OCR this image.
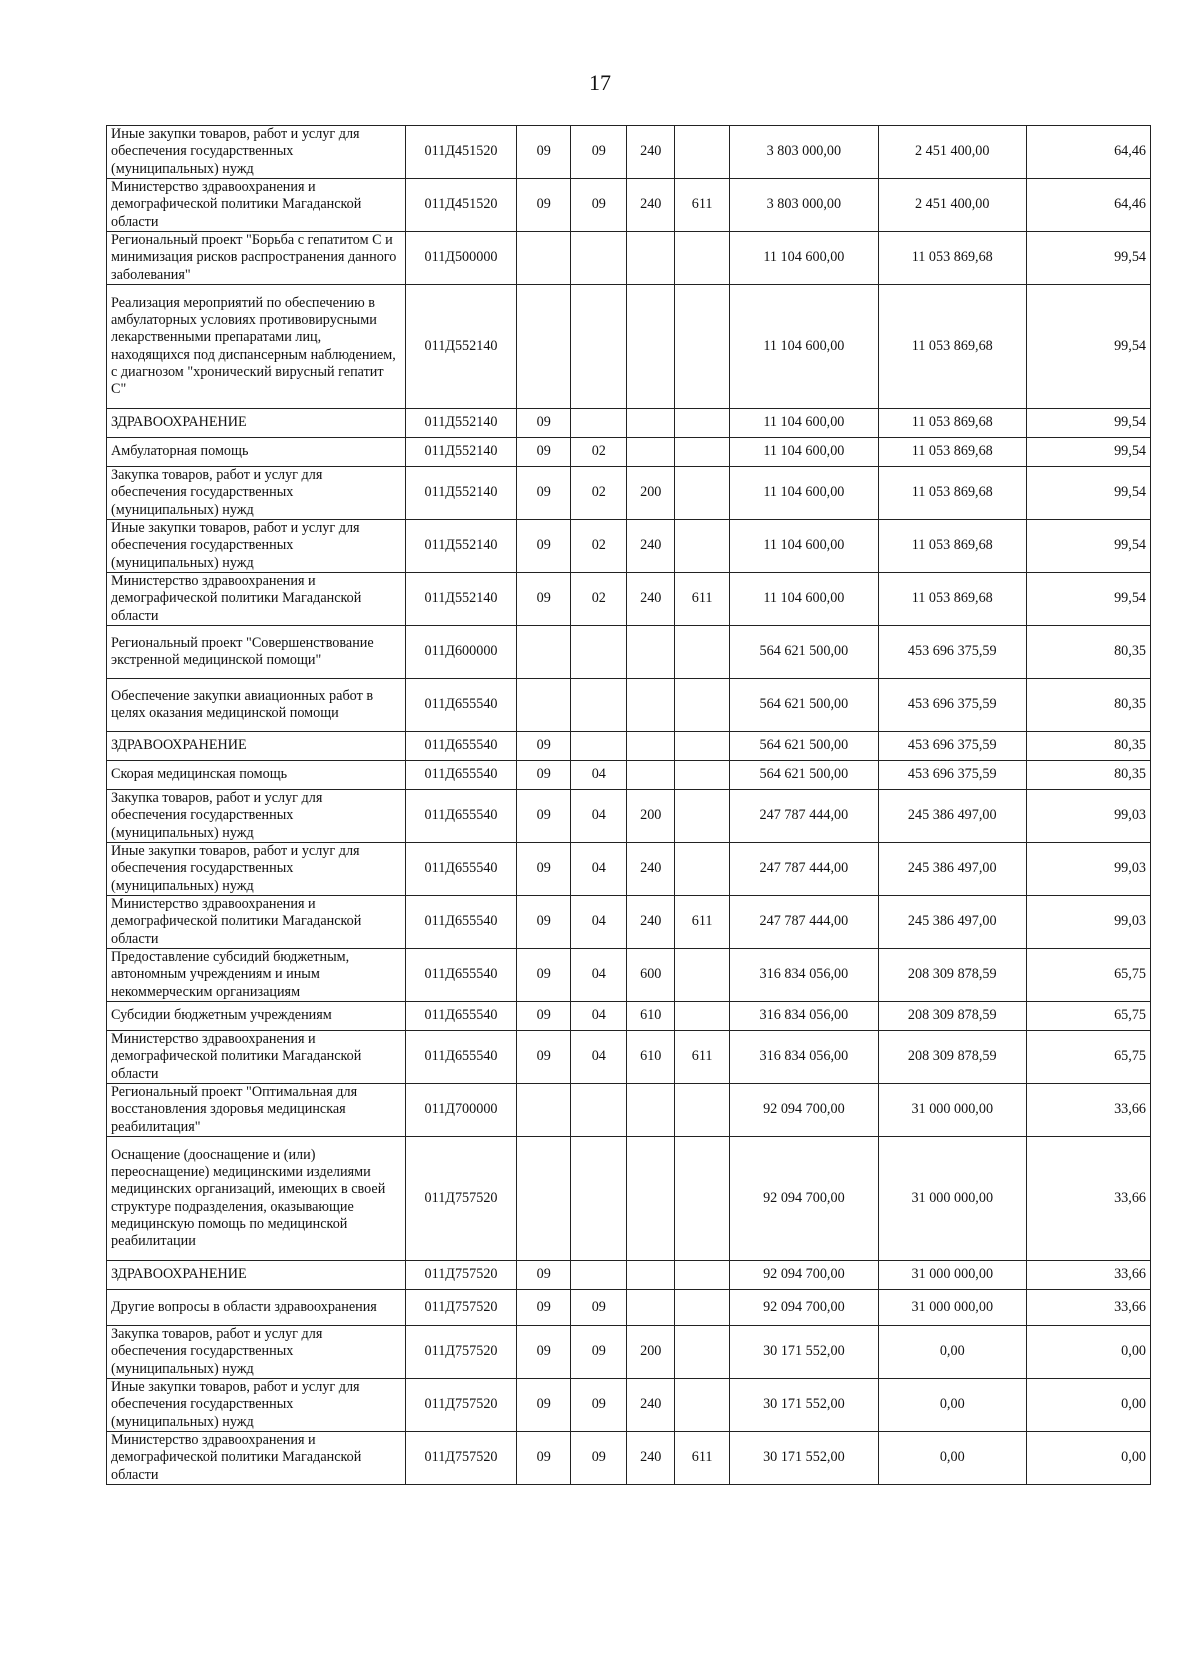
17
Иные закупки товаров, работ и услуг для обеспечения государственных (муниципальных) нужд	011Д451520	09	09	240		3 803 000,00	2 451 400,00	64,46
Министерство здравоохранения и демографической политики Магаданской области	011Д451520	09	09	240	611	3 803 000,00	2 451 400,00	64,46
Региональный проект "Борьба с гепатитом С и минимизация рисков распространения данного заболевания"	011Д500000					11 104 600,00	11 053 869,68	99,54
Реализация мероприятий по обеспечению в амбулаторных условиях противовирусными лекарственными препаратами лиц, находящихся под диспансерным наблюдением, с диагнозом "хронический вирусный гепатит С"	011Д552140					11 104 600,00	11 053 869,68	99,54
ЗДРАВООХРАНЕНИЕ	011Д552140	09				11 104 600,00	11 053 869,68	99,54
Амбулаторная помощь	011Д552140	09	02			11 104 600,00	11 053 869,68	99,54
Закупка товаров, работ и услуг для обеспечения государственных (муниципальных) нужд	011Д552140	09	02	200		11 104 600,00	11 053 869,68	99,54
Иные закупки товаров, работ и услуг для обеспечения государственных (муниципальных) нужд	011Д552140	09	02	240		11 104 600,00	11 053 869,68	99,54
Министерство здравоохранения и демографической политики Магаданской области	011Д552140	09	02	240	611	11 104 600,00	11 053 869,68	99,54
Региональный проект "Совершенствование экстренной медицинской помощи"	011Д600000					564 621 500,00	453 696 375,59	80,35
Обеспечение закупки авиационных работ в целях оказания медицинской помощи	011Д655540					564 621 500,00	453 696 375,59	80,35
ЗДРАВООХРАНЕНИЕ	011Д655540	09				564 621 500,00	453 696 375,59	80,35
Скорая медицинская помощь	011Д655540	09	04			564 621 500,00	453 696 375,59	80,35
Закупка товаров, работ и услуг для обеспечения государственных (муниципальных) нужд	011Д655540	09	04	200		247 787 444,00	245 386 497,00	99,03
Иные закупки товаров, работ и услуг для обеспечения государственных (муниципальных) нужд	011Д655540	09	04	240		247 787 444,00	245 386 497,00	99,03
Министерство здравоохранения и демографической политики Магаданской области	011Д655540	09	04	240	611	247 787 444,00	245 386 497,00	99,03
Предоставление субсидий бюджетным, автономным учреждениям и иным некоммерческим организациям	011Д655540	09	04	600		316 834 056,00	208 309 878,59	65,75
Субсидии бюджетным учреждениям	011Д655540	09	04	610		316 834 056,00	208 309 878,59	65,75
Министерство здравоохранения и демографической политики Магаданской области	011Д655540	09	04	610	611	316 834 056,00	208 309 878,59	65,75
Региональный проект "Оптимальная для восстановления здоровья медицинская реабилитация"	011Д700000					92 094 700,00	31 000 000,00	33,66
Оснащение (дооснащение и (или) переоснащение) медицинскими изделиями медицинских организаций, имеющих в своей структуре подразделения, оказывающие медицинскую помощь по медицинской реабилитации	011Д757520					92 094 700,00	31 000 000,00	33,66
ЗДРАВООХРАНЕНИЕ	011Д757520	09				92 094 700,00	31 000 000,00	33,66
Другие вопросы в области здравоохранения	011Д757520	09	09			92 094 700,00	31 000 000,00	33,66
Закупка товаров, работ и услуг для обеспечения государственных (муниципальных) нужд	011Д757520	09	09	200		30 171 552,00	0,00	0,00
Иные закупки товаров, работ и услуг для обеспечения государственных (муниципальных) нужд	011Д757520	09	09	240		30 171 552,00	0,00	0,00
Министерство здравоохранения и демографической политики Магаданской области	011Д757520	09	09	240	611	30 171 552,00	0,00	0,00
